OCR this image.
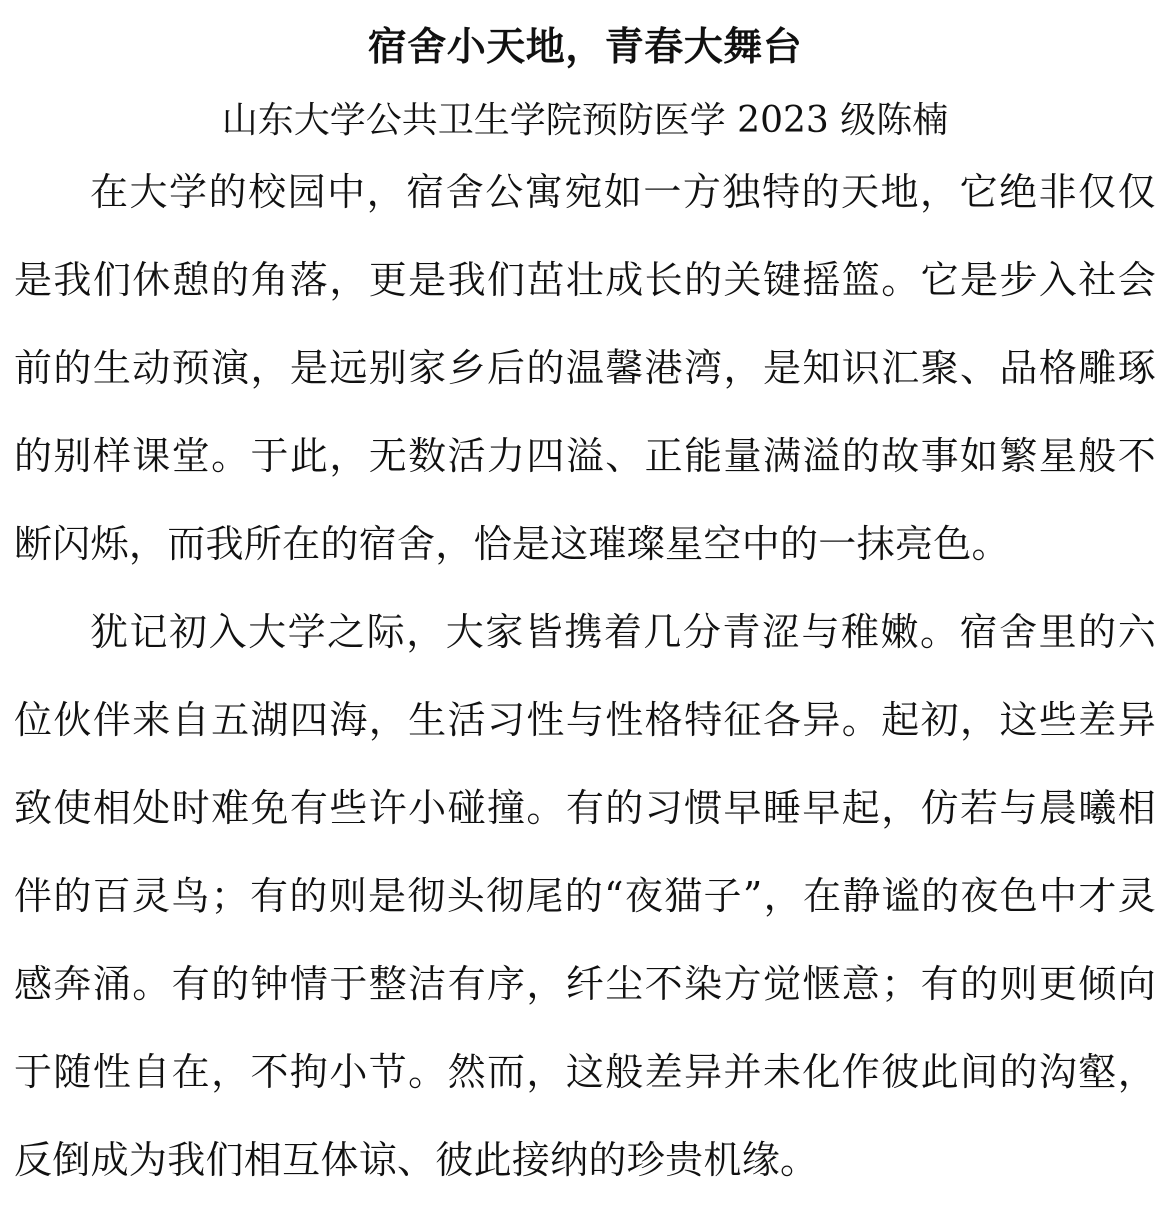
宿舍小天地，青春大舞台
山东大学公共卫生学院预防医学 2023 级陈楠

在大学的校园中，宿舍公寓宛如一方独特的天地，它绝非仅仅是我们休憩的角落，更是我们茁壮成长的关键摇篮。它是步入社会前的生动预演，是远别家乡后的温馨港湾，是知识汇聚、品格雕琢的别样课堂。于此，无数活力四溢、正能量满溢的故事如繁星般不断闪烁，而我所在的宿舍，恰是这璀璨星空中的一抹亮色。

犹记初入大学之际，大家皆携着几分青涩与稚嫩。宿舍里的六位伙伴来自五湖四海，生活习性与性格特征各异。起初，这些差异致使相处时难免有些许小碰撞。有的习惯早睡早起，仿若与晨曦相伴的百灵鸟；有的则是彻头彻尾的“夜猫子”，在静谧的夜色中才灵感奔涌。有的钟情于整洁有序，纤尘不染方觉惬意；有的则更倾向于随性自在，不拘小节。然而，这般差异并未化作彼此间的沟壑，反倒成为我们相互体谅、彼此接纳的珍贵机缘。
